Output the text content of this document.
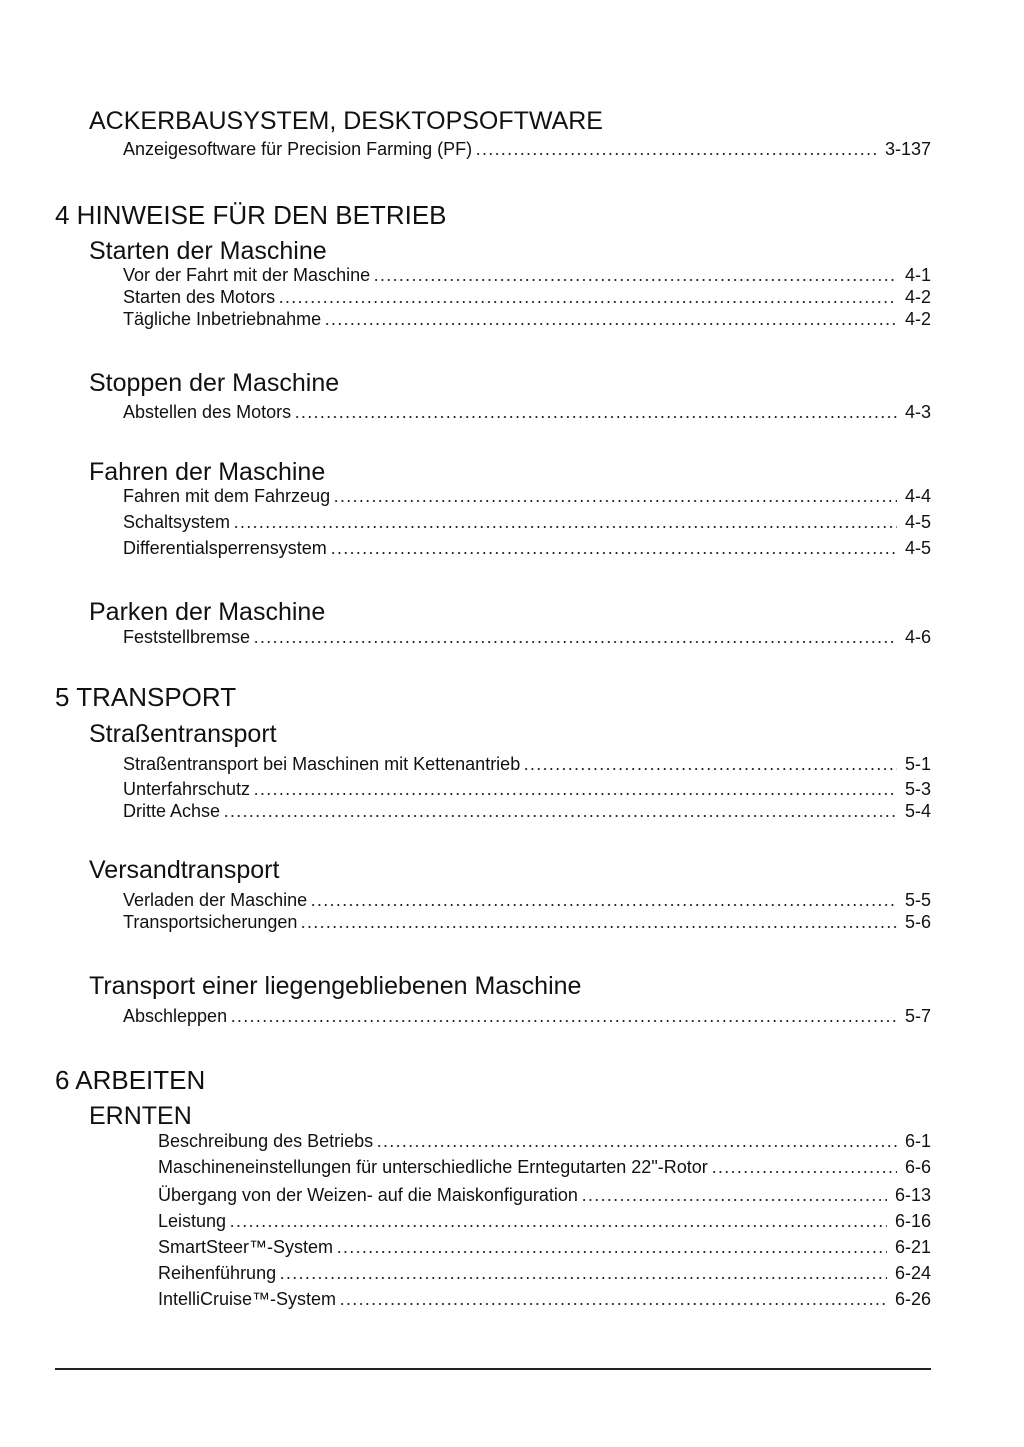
ACKERBAUSYSTEM, DESKTOPSOFTWARE
Anzeigesoftware für Precision Farming (PF)	3-137
4 HINWEISE FÜR DEN BETRIEB
Starten der Maschine
Vor der Fahrt mit der Maschine	4-1
Starten des Motors	4-2
Tägliche Inbetriebnahme	4-2
Stoppen der Maschine
Abstellen des Motors	4-3
Fahren der Maschine
Fahren mit dem Fahrzeug	4-4
Schaltsystem	4-5
Differentialsperrensystem	4-5
Parken der Maschine
Feststellbremse	4-6
5 TRANSPORT
Straßentransport
Straßentransport bei Maschinen mit Kettenantrieb	5-1
Unterfahrschutz	5-3
Dritte Achse	5-4
Versandtransport
Verladen der Maschine	5-5
Transportsicherungen	5-6
Transport einer liegengebliebenen Maschine
Abschleppen	5-7
6 ARBEITEN
ERNTEN
Beschreibung des Betriebs	6-1
Maschineneinstellungen für unterschiedliche Erntegutarten 22"-Rotor	6-6
Übergang von der Weizen- auf die Maiskonfiguration	6-13
Leistung	6-16
SmartSteer™-System	6-21
Reihenführung	6-24
IntelliCruise™-System	6-26
